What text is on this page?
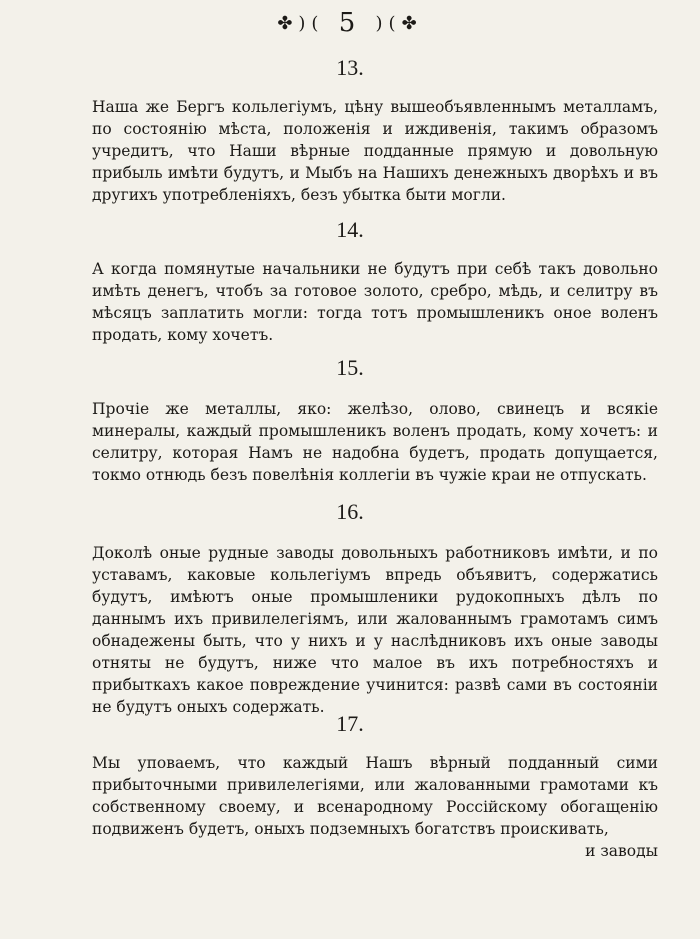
✤)( 5 )(✤
13.
Наша же Бергъ кольлегіумъ, цѣну вышеобъявленнымъ металламъ, по состоянію мѣста, положенія и иждивенія, такимъ образомъ учредитъ, что Наши вѣрные подданные прямую и довольную прибыль имѣти будутъ, и Мыбъ на Нашихъ денежныхъ дворѣхъ и въ другихъ употребленіяхъ, безъ убытка быти могли.
14.
А когда помянутые начальники не будутъ при себѣ такъ довольно имѣть денегъ, чтобъ за готовое золото, сребро, мѣдь, и селитру въ мѣсяцъ заплатить могли: тогда тотъ промышленикъ оное воленъ продать, кому хочетъ.
15.
Прочіе же металлы, яко: желѣзо, олово, свинецъ и всякіе минералы, каждый промышленикъ воленъ продать, кому хочетъ: и селитру, которая Намъ не надобна будетъ, продать допущается, токмо отнюдь безъ повелѣнія коллегіи въ чужіе краи не отпускать.
16.
Доколѣ оные рудные заводы довольныхъ работниковъ имѣти, и по уставамъ, каковые кольлегіумъ впредь объявитъ, содержатись будутъ, имѣютъ оные промышленики рудокопныхъ дѣлъ по даннымъ ихъ привилелегіямъ, или жалованнымъ грамотамъ симъ обнадежены быть, что у нихъ и у наслѣдниковъ ихъ оные заводы отняты не будутъ, ниже что малое въ ихъ потребностяхъ и прибыткахъ какое повреждение учинится: развѣ сами въ состояніи не будутъ оныхъ содержать.
17.
Мы уповаемъ, что каждый Нашъ вѣрный подданный сими прибыточными привилелегіями, или жалованными грамотами къ собственному своему, и всенародному Россійскому обогащенію подвиженъ будетъ, оныхъ подземныхъ богатствъ проискивать,
и заводы
